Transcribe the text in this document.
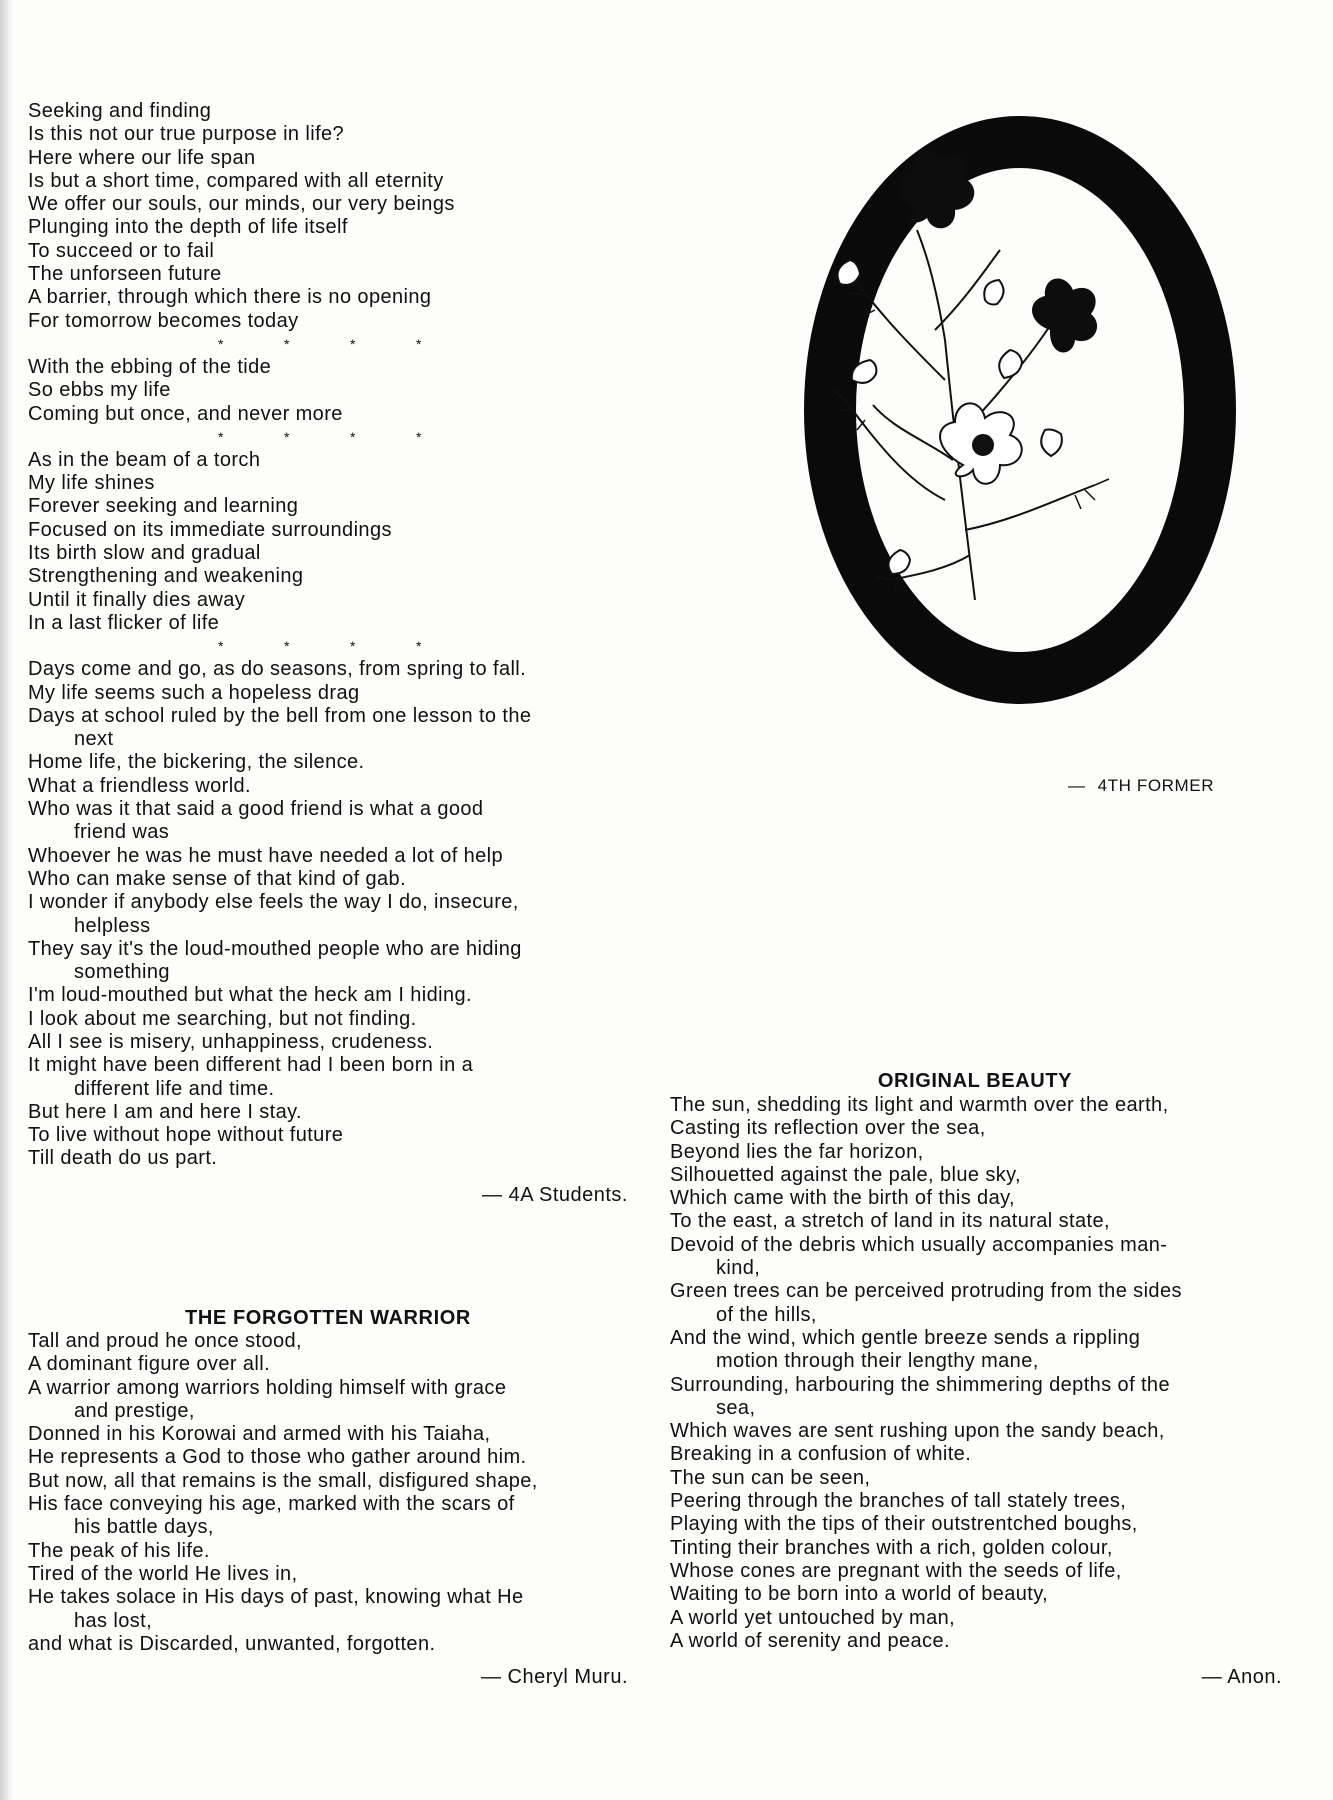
Seeking and finding
Is this not our true purpose in life?
Here where our life span
Is but a short time, compared with all eternity
We offer our souls, our minds, our very beings
Plunging into the depth of life itself
To succeed or to fail
The unforseen future
A barrier, through which there is no opening
For tomorrow becomes today
*	*	*	*
With the ebbing of the tide
So ebbs my life
Coming but once, and never more
*	*	*	*
As in the beam of a torch
My life shines
Forever seeking and learning
Focused on its immediate surroundings
Its birth slow and gradual
Strengthening and weakening
Until it finally dies away
In a last flicker of life
*	*	*	*
Days come and go, as do seasons, from spring to fall.
My life seems such a hopeless drag
Days at school ruled by the bell from one lesson to the
next
Home life, the bickering, the silence.
What a friendless world.
Who was it that said a good friend is what a good
friend was
Whoever he was he must have needed a lot of help
Who can make sense of that kind of gab.
I wonder if anybody else feels the way I do, insecure,
helpless
They say it's the loud-mouthed people who are hiding
something
I'm loud-mouthed but what the heck am I hiding.
I look about me searching, but not finding.
All I see is misery, unhappiness, crudeness.
It might have been different had I been born in a
different life and time.
But here I am and here I stay.
To live without hope without future
Till death do us part.
— 4A Students.
— 4TH FORMER
THE FORGOTTEN WARRIOR
Tall and proud he once stood,
A dominant figure over all.
A warrior among warriors holding himself with grace
and prestige,
Donned in his Korowai and armed with his Taiaha,
He represents a God to those who gather around him.
But now, all that remains is the small, disfigured shape,
His face conveying his age, marked with the scars of
his battle days,
The peak of his life.
Tired of the world He lives in,
He takes solace in His days of past, knowing what He
has lost,
and what is Discarded, unwanted, forgotten.
— Cheryl Muru.
ORIGINAL BEAUTY
The sun, shedding its light and warmth over the earth,
Casting its reflection over the sea,
Beyond lies the far horizon,
Silhouetted against the pale, blue sky,
Which came with the birth of this day,
To the east, a stretch of land in its natural state,
Devoid of the debris which usually accompanies man-
kind,
Green trees can be perceived protruding from the sides
of the hills,
And the wind, which gentle breeze sends a rippling
motion through their lengthy mane,
Surrounding, harbouring the shimmering depths of the
sea,
Which waves are sent rushing upon the sandy beach,
Breaking in a confusion of white.
The sun can be seen,
Peering through the branches of tall stately trees,
Playing with the tips of their outstrentched boughs,
Tinting their branches with a rich, golden colour,
Whose cones are pregnant with the seeds of life,
Waiting to be born into a world of beauty,
A world yet untouched by man,
A world of serenity and peace.
— Anon.
